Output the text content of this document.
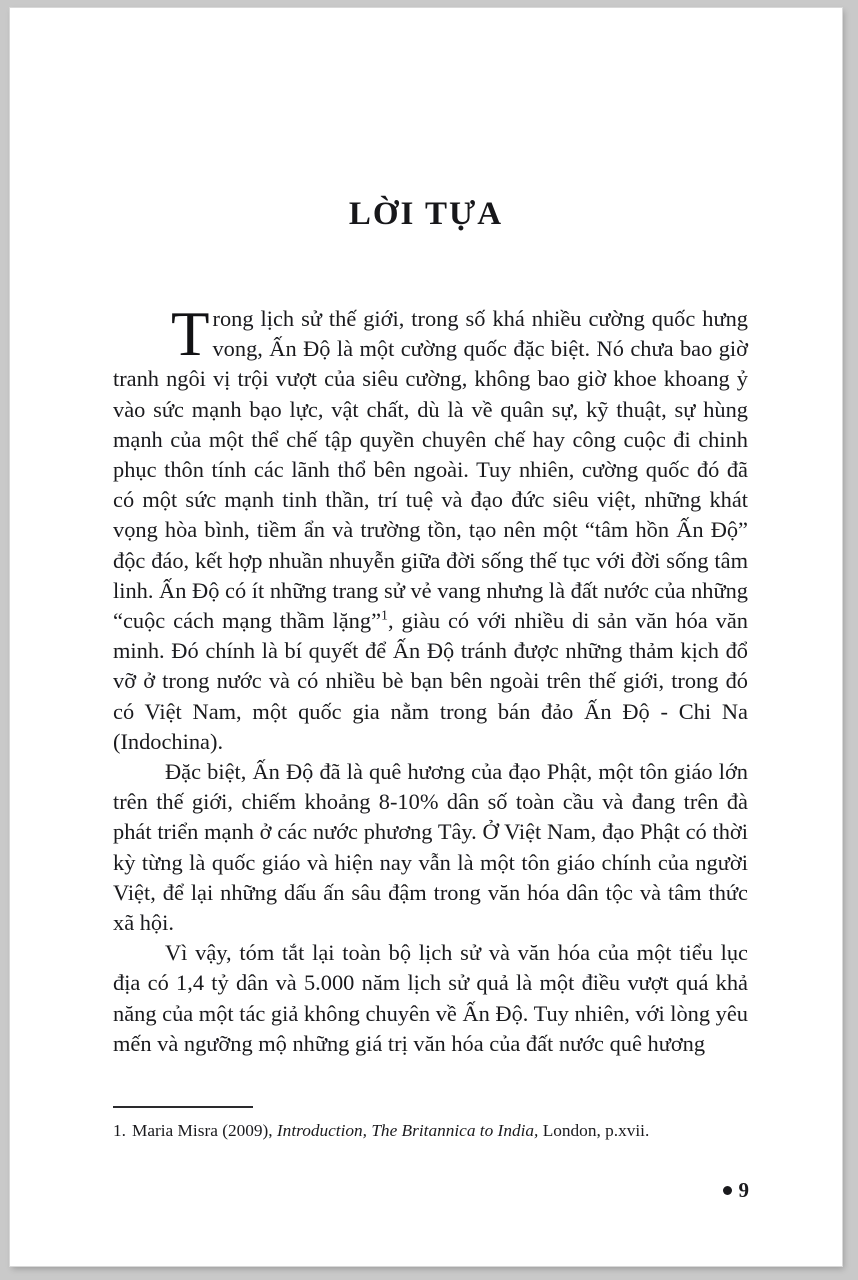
LỜI TỰA

Trong lịch sử thế giới, trong số khá nhiều cường quốc hưng vong, Ấn Độ là một cường quốc đặc biệt. Nó chưa bao giờ tranh ngôi vị trội vượt của siêu cường, không bao giờ khoe khoang ỷ vào sức mạnh bạo lực, vật chất, dù là về quân sự, kỹ thuật, sự hùng mạnh của một thể chế tập quyền chuyên chế hay công cuộc đi chinh phục thôn tính các lãnh thổ bên ngoài. Tuy nhiên, cường quốc đó đã có một sức mạnh tinh thần, trí tuệ và đạo đức siêu việt, những khát vọng hòa bình, tiềm ẩn và trường tồn, tạo nên một “tâm hồn Ấn Độ” độc đáo, kết hợp nhuần nhuyễn giữa đời sống thế tục với đời sống tâm linh. Ấn Độ có ít những trang sử vẻ vang nhưng là đất nước của những “cuộc cách mạng thầm lặng”$^1$, giàu có với nhiều di sản văn hóa văn minh. Đó chính là bí quyết để Ấn Độ tránh được những thảm kịch đổ vỡ ở trong nước và có nhiều bè bạn bên ngoài trên thế giới, trong đó có Việt Nam, một quốc gia nằm trong bán đảo Ấn Độ - Chi Na (Indochina).

Đặc biệt, Ấn Độ đã là quê hương của đạo Phật, một tôn giáo lớn trên thế giới, chiếm khoảng 8-10% dân số toàn cầu và đang trên đà phát triển mạnh ở các nước phương Tây. Ở Việt Nam, đạo Phật có thời kỳ từng là quốc giáo và hiện nay vẫn là một tôn giáo chính của người Việt, để lại những dấu ấn sâu đậm trong văn hóa dân tộc và tâm thức xã hội.

Vì vậy, tóm tắt lại toàn bộ lịch sử và văn hóa của một tiểu lục địa có 1,4 tỷ dân và 5.000 năm lịch sử quả là một điều vượt quá khả năng của một tác giả không chuyên về Ấn Độ. Tuy nhiên, với lòng yêu mến và ngưỡng mộ những giá trị văn hóa của đất nước quê hương

1. Maria Misra (2009), Introduction, The Britannica to India, London, p.xvii.

9
